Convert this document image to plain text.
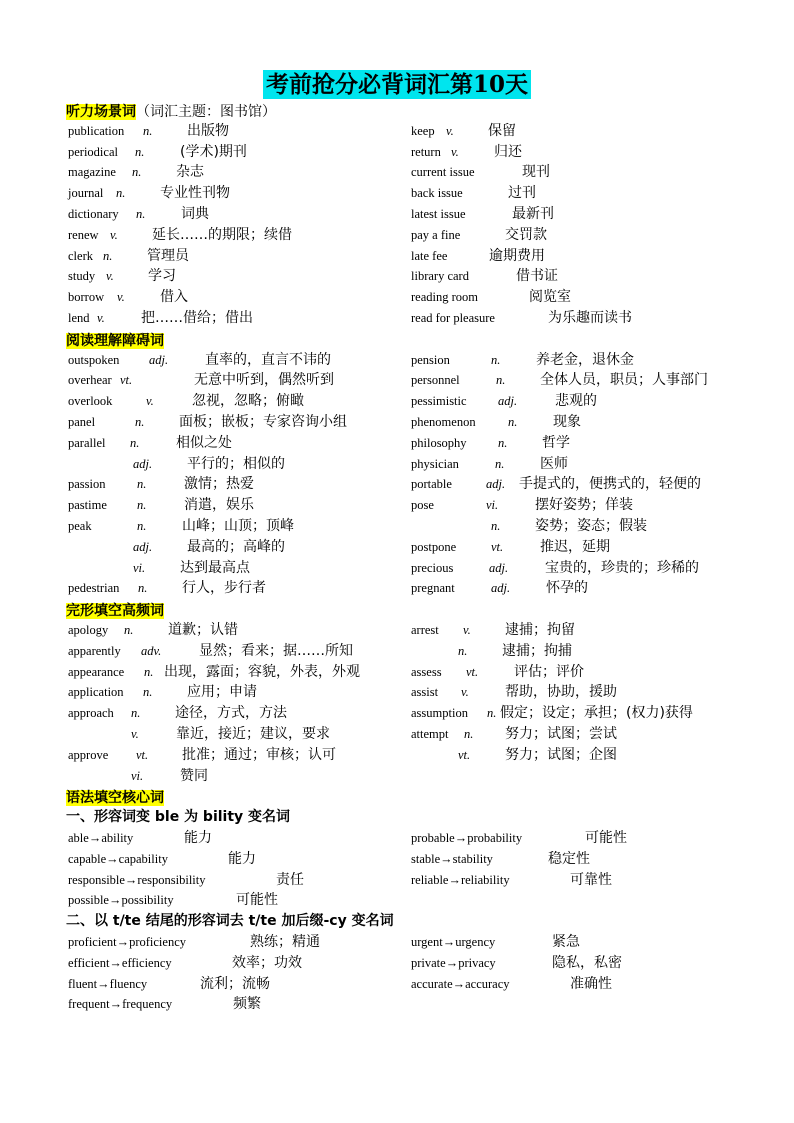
考前抢分必背词汇第10天
听力场景词（词汇主题：图书馆）
publication n. 出版物	keep v. 保留
periodical n.	(学术)期刊	return v.	归还
magazine n. 杂志	current issue	现刊
journal n. 专业性刊物	back issue	过刊
dictionary n.	词典	latest issue	最新刊
renew v. 延长……的期限；续借	pay a fine	交罚款
clerk n. 管理员	late fee	逾期费用
study v. 学习	library card	借书证
borrow v.	借入	reading room	阅览室
lend v.	把……借给；借出	read for pleasure	为乐趣而读书
阅读理解障碍词
outspoken adj.	直率的，直言不讳的	pension	n.	养老金，退休金
overhear vt.	无意中听到，偶然听到	personnel	n. 全体人员，职员；人事部门
overlook	v.	忽视，忽略；俯瞰	pessimistic	adj.	悲观的
panel	n. 面板；嵌板；专家咨询小组	phenomenon	n.	现象
parallel n.	相似之处	philosophy	n. 哲学
adj. 平行的；相似的	physician	n.	医师
passion	n.	激情；热爱	portable	adj. 手提式的，便携式的，轻便的
pastime n.	消遣，娱乐	pose	vi.	摆好姿势；佯装
peak	n.	山峰；山顶；顶峰	n. 姿势；姿态；假装
adj. 最高的；高峰的	postpone	vt.	推迟，延期
vi. 达到最高点	precious	adj.	宝贵的，珍贵的；珍稀的
pedestrian n. 行人，步行者	pregnant	adj.	怀孕的
完形填空高频词
apology n. 道歉；认错	arrest v. 逮捕；拘留
apparently adv.	显然；看来；据……所知	n. 逮捕；拘捕
appearance n. 出现，露面；容貌，外表，外观	assess vt.	评估；评价
application n. 应用；申请	assist v.	帮助，协助，援助
approach n. 途径，方式，方法	assumption n. 假定；设定；承担；(权力)获得
v.	靠近，接近；建议，要求	attempt n. 努力；试图；尝试
approve vt. 批准；通过；审核；认可	vt. 努力；试图；企图
vi.	赞同
语法填空核心词
一、形容词变 ble 为 bility 变名词
able→ability	能力	probable→probability	可能性
capable→capability	能力	stable→stability	稳定性
responsible→responsibility	责任	reliable→reliability	可靠性
possible→possibility	可能性
二、以 t/te 结尾的形容词去 t/te 加后缀-cy 变名词
proficient→proficiency	熟练；精通	urgent→urgency	紧急
efficient→efficiency	效率；功效	private→privacy	隐私，私密
fluent→fluency	流利；流畅	accurate→accuracy	准确性
frequent→frequency	频繁
